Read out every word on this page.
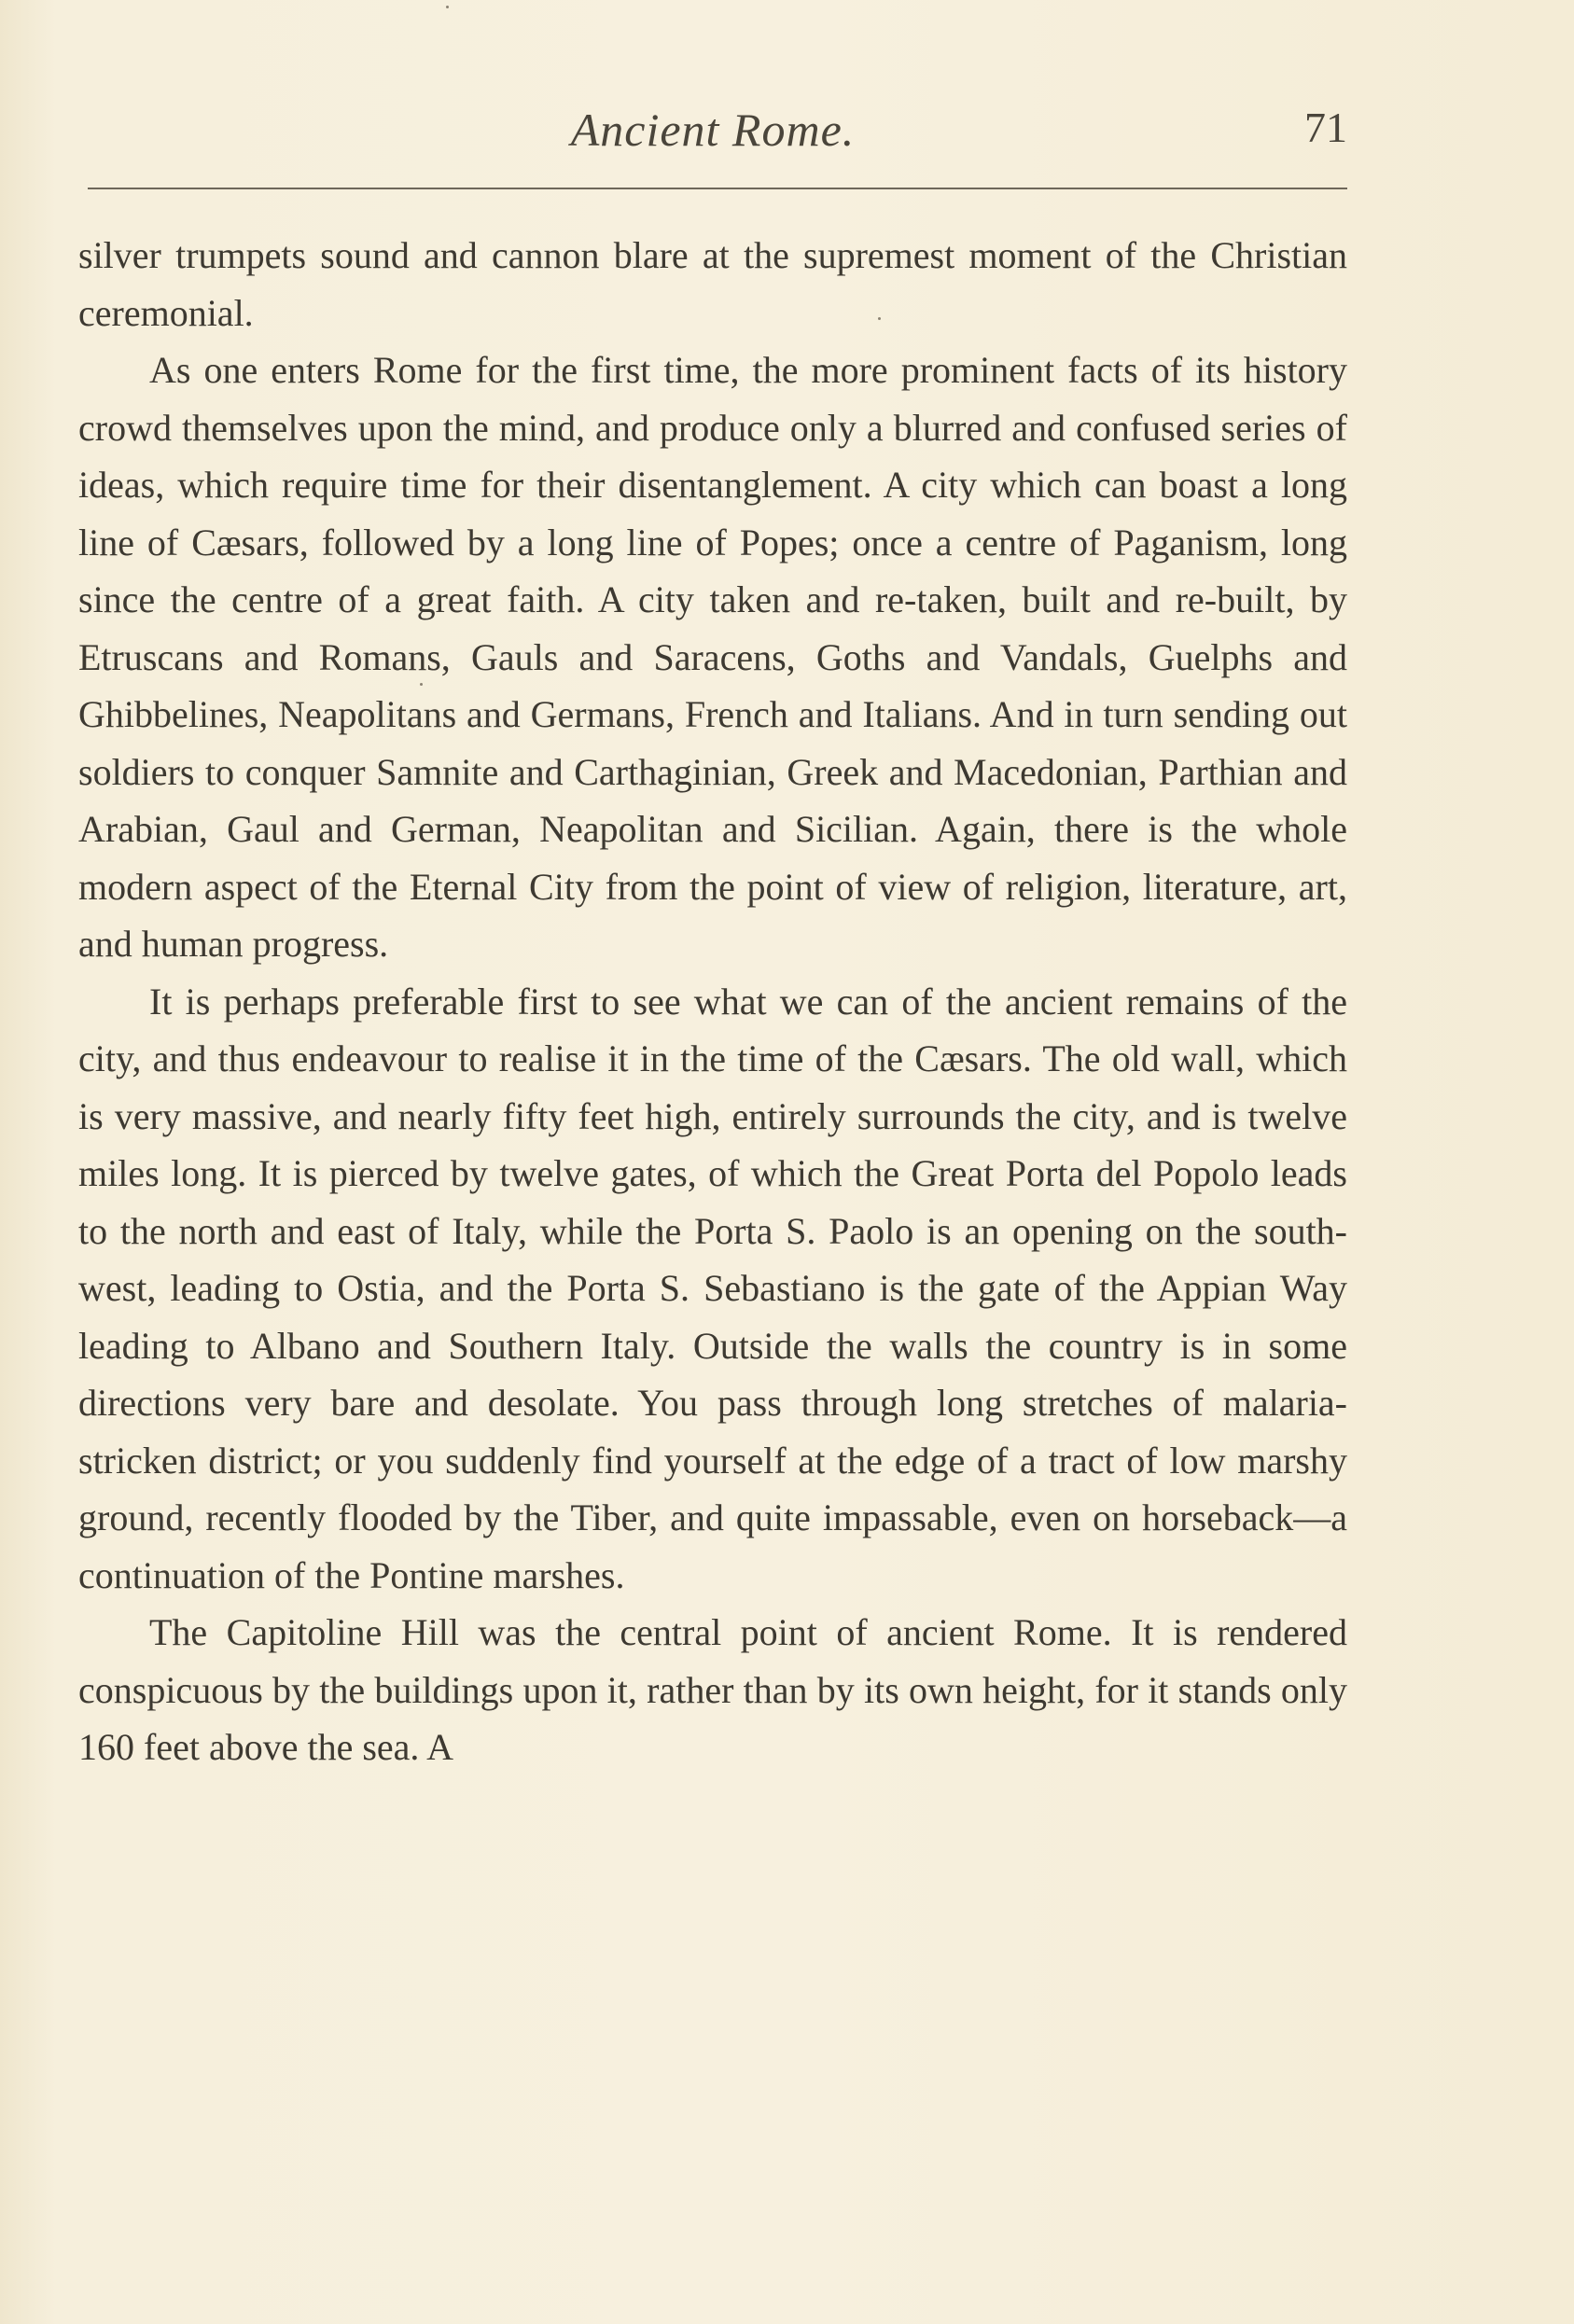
Ancient Rome.	71

silver trumpets sound and cannon blare at the supremest moment of the Christian ceremonial.

As one enters Rome for the first time, the more prominent facts of its history crowd themselves upon the mind, and produce only a blurred and confused series of ideas, which require time for their disentanglement. A city which can boast a long line of Cæsars, followed by a long line of Popes; once a centre of Paganism, long since the centre of a great faith. A city taken and re-taken, built and re-built, by Etruscans and Romans, Gauls and Saracens, Goths and Vandals, Guelphs and Ghibbelines, Neapolitans and Germans, French and Italians. And in turn sending out soldiers to conquer Samnite and Carthaginian, Greek and Macedonian, Parthian and Arabian, Gaul and German, Neapolitan and Sicilian. Again, there is the whole modern aspect of the Eternal City from the point of view of religion, literature, art, and human progress.

It is perhaps preferable first to see what we can of the ancient remains of the city, and thus endeavour to realise it in the time of the Cæsars. The old wall, which is very massive, and nearly fifty feet high, entirely surrounds the city, and is twelve miles long. It is pierced by twelve gates, of which the Great Porta del Popolo leads to the north and east of Italy, while the Porta S. Paolo is an opening on the south-west, leading to Ostia, and the Porta S. Sebastiano is the gate of the Appian Way leading to Albano and Southern Italy. Outside the walls the country is in some directions very bare and desolate. You pass through long stretches of malaria-stricken district; or you suddenly find yourself at the edge of a tract of low marshy ground, recently flooded by the Tiber, and quite impassable, even on horseback—a continuation of the Pontine marshes.

The Capitoline Hill was the central point of ancient Rome. It is rendered conspicuous by the buildings upon it, rather than by its own height, for it stands only 160 feet above the sea. A
